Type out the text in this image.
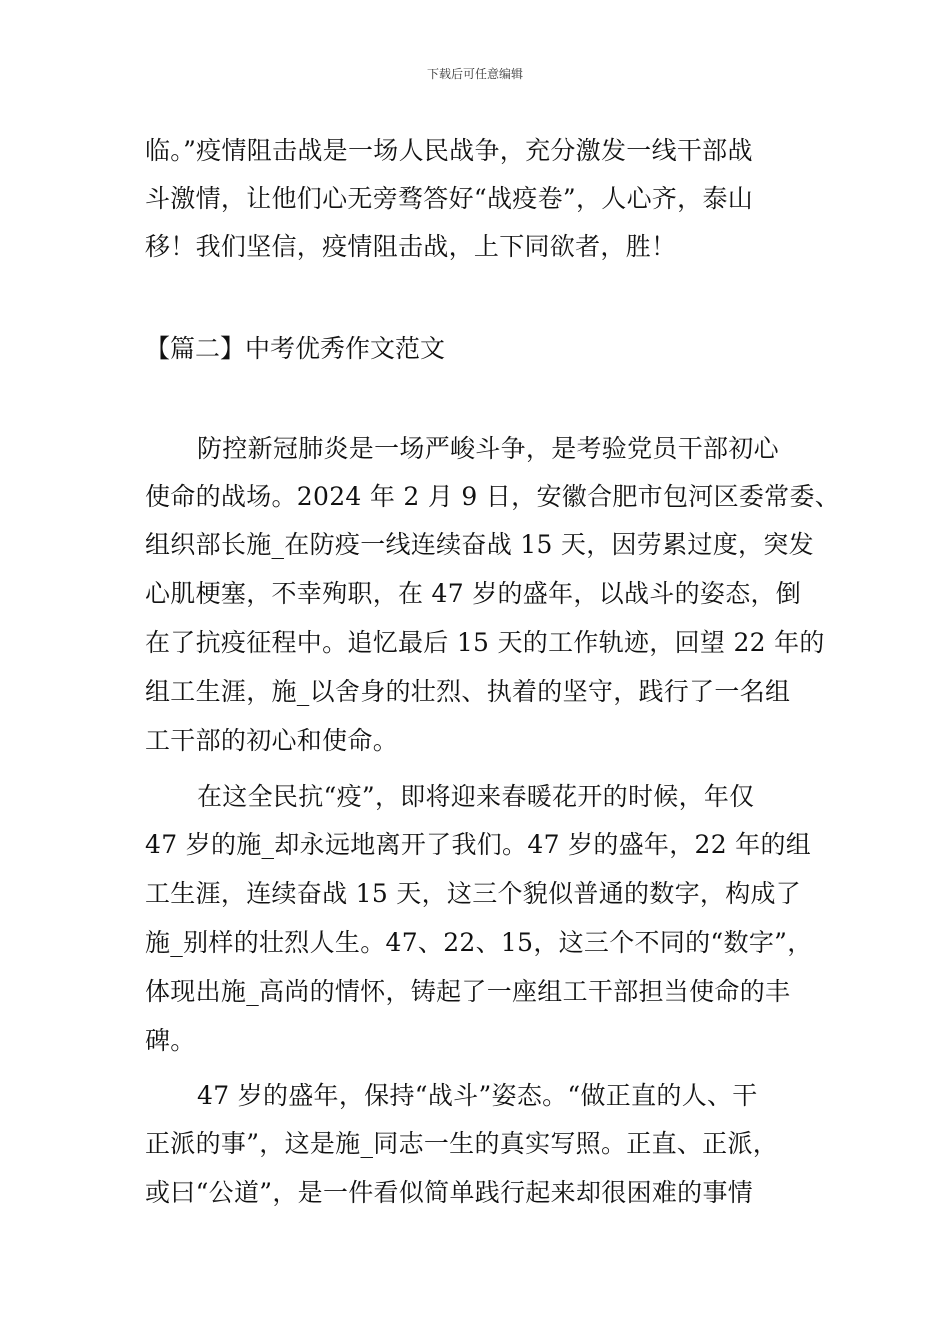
下载后可任意编辑
临。”疫情阻击战是一场人民战争，充分激发一线干部战
斗激情，让他们心无旁骛答好“战疫卷”，人心齐，泰山
移！我们坚信，疫情阻击战，上下同欲者，胜！
【篇二】中考优秀作文范文
防控新冠肺炎是一场严峻斗争，是考验党员干部初心
使命的战场。2024 年 2 月 9 日，安徽合肥市包河区委常委、
组织部长施_在防疫一线连续奋战 15 天，因劳累过度，突发
心肌梗塞，不幸殉职，在 47 岁的盛年，以战斗的姿态，倒
在了抗疫征程中。追忆最后 15 天的工作轨迹，回望 22 年的
组工生涯，施_以舍身的壮烈、执着的坚守，践行了一名组
工干部的初心和使命。
在这全民抗“疫”，即将迎来春暖花开的时候，年仅
47 岁的施_却永远地离开了我们。47 岁的盛年，22 年的组
工生涯，连续奋战 15 天，这三个貌似普通的数字，构成了
施_别样的壮烈人生。47、22、15，这三个不同的“数字”，
体现出施_高尚的情怀，铸起了一座组工干部担当使命的丰
碑。
47 岁的盛年，保持“战斗”姿态。“做正直的人、干
正派的事”，这是施_同志一生的真实写照。正直、正派，
或曰“公道”，是一件看似简单践行起来却很困难的事情
